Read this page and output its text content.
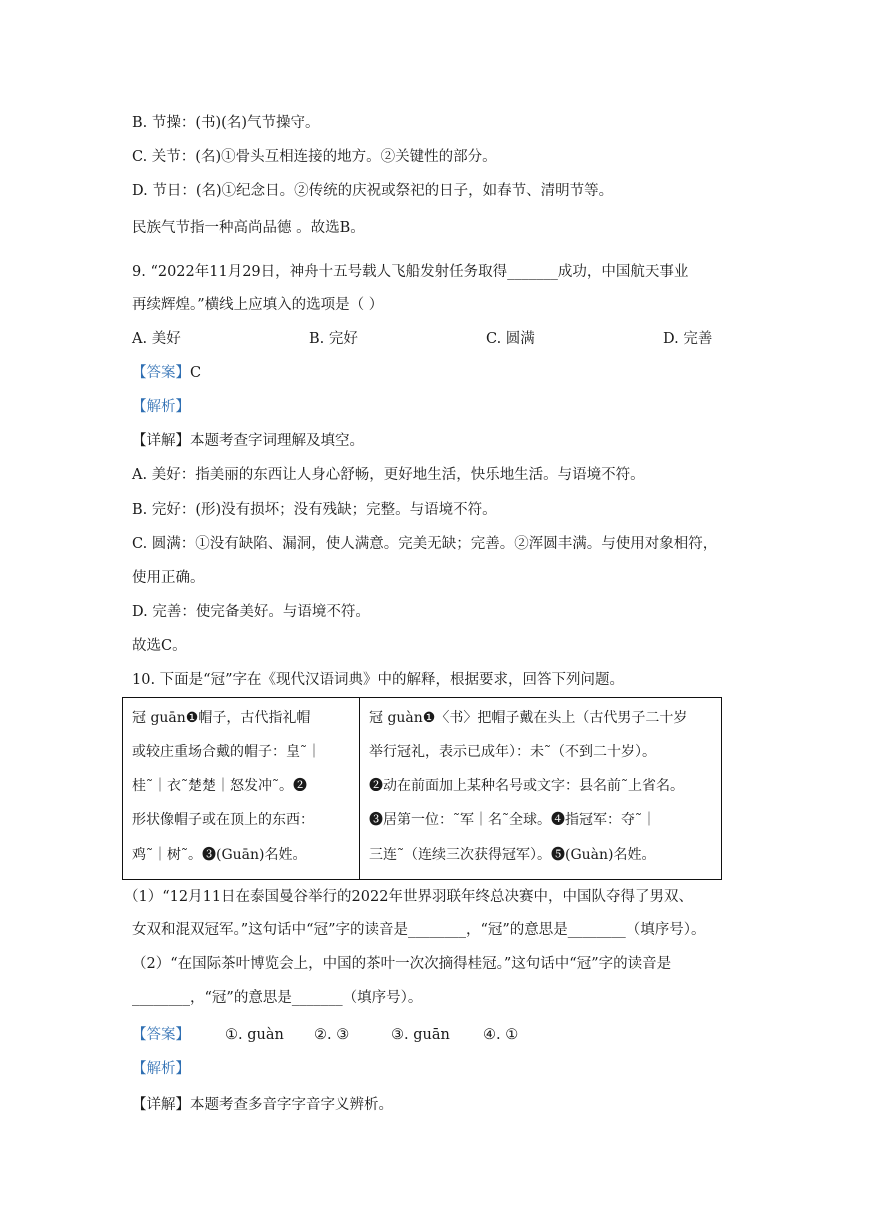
B. 节操：(书)(名)气节操守。
C. 关节：(名)①骨头互相连接的地方。②关键性的部分。
D. 节日：(名)①纪念日。②传统的庆祝或祭祀的日子，如春节、清明节等。
民族气节指一种高尚品德 。故选B。
9. “2022年11月29日，神舟十五号载人飞船发射任务取得_______成功，中国航天事业
再续辉煌。”横线上应填入的选项是（ ）
A. 美好	B. 完好	C. 圆满	D. 完善
【答案】C
【解析】
【详解】本题考查字词理解及填空。
A. 美好：指美丽的东西让人身心舒畅，更好地生活，快乐地生活。与语境不符。
B. 完好：(形)没有损坏；没有残缺；完整。与语境不符。
C. 圆满：①没有缺陷、漏洞，使人满意。完美无缺；完善。②浑圆丰满。与使用对象相符，
使用正确。
D. 完善：使完备美好。与语境不符。
故选C。
10. 下面是“冠”字在《现代汉语词典》中的解释，根据要求，回答下列问题。
冠 guān❶帽子，古代指礼帽
或较庄重场合戴的帽子：皇˜｜
桂˜｜衣˜楚楚｜怒发冲˜。❷
形状像帽子或在顶上的东西：
鸡˜｜树˜。❸(Guān)名姓。
冠 guàn❶〈书〉把帽子戴在头上（古代男子二十岁
举行冠礼，表示已成年）：未˜（不到二十岁）。
❷动在前面加上某种名号或文字：县名前˜上省名。
❸居第一位：˜军｜名˜全球。❹指冠军：夺˜｜
三连˜（连续三次获得冠军）。❺(Guàn)名姓。
（1）“12月11日在泰国曼谷举行的2022年世界羽联年终总决赛中，中国队夺得了男双、
女双和混双冠军。”这句话中“冠”字的读音是________，“冠”的意思是________（填序号）。
（2）“在国际茶叶博览会上，中国的茶叶一次次摘得桂冠。”这句话中“冠”字的读音是
________，“冠”的意思是_______（填序号）。
【答案】 ①. guàn ②. ③	③. guān ④. ①
【解析】
【详解】本题考查多音字字音字义辨析。
